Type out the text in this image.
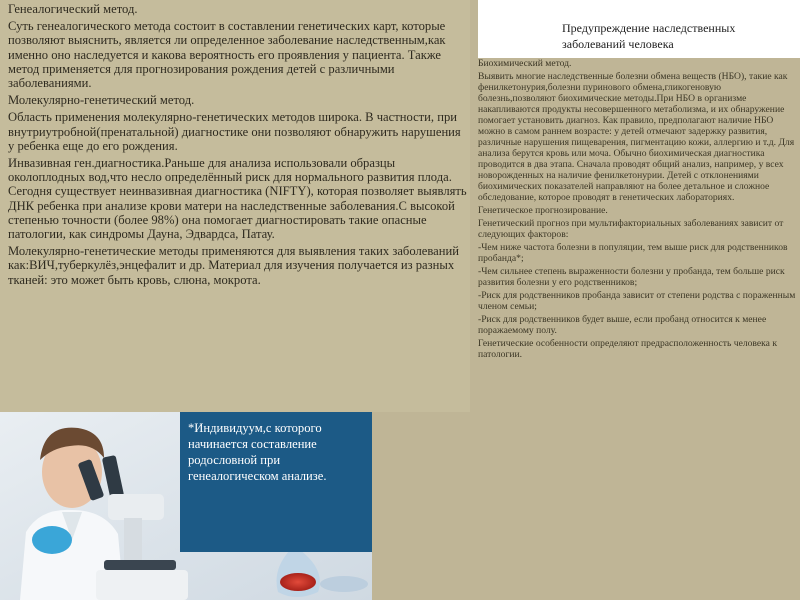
Генеалогический метод.

Суть генеалогического метода состоит в составлении генетических карт, которые позволяют выяснить, является ли определенное заболевание наследственным,как именно оно наследуется и какова вероятность его проявления у пациента. Также метод применяется для прогнозирования рождения детей с различными заболеваниями.

Молекулярно-генетический метод.

Область применения молекулярно-генетических методов широка. В частности, при внутриутробной(пренатальной) диагностике они позволяют обнаружить нарушения у ребенка еще до его рождения.

Инвазивная ген.диагностика.Раньше для анализа использовали образцы околоплодных вод,что несло определённый риск для нормального развития плода. Сегодня существует неинвазивная диагностика (NIFTY), которая позволяет выявлять ДНК ребенка при анализе крови матери на наследственные заболевания.С высокой степенью точности (более 98%) она помогает диагностировать такие опасные патологии, как синдромы Дауна, Эдвардса, Патау.

Молекулярно-генетические методы применяются для выявления таких заболеваний как:ВИЧ,туберкулёз,энцефалит и др. Материал для изучения получается из разных тканей: это может быть кровь, слюна, мокрота.

Предупреждение наследственных заболеваний человека

Биохимический метод.

Выявить многие наследственные болезни обмена веществ (НБО), такие как фенилкетонурия,болезни пуринового обмена,гликогеновую болезнь,позволяют биохимические методы.При НБО в организме накапливаются продукты несовершенного метаболизма, и их обнаружение помогает установить диагноз. Как правило, предполагают наличие НБО можно в самом раннем возрасте: у детей отмечают задержку развития, различные нарушения пищеварения, пигментацию кожи, аллергию и т.д. Для анализа берутся кровь или моча. Обычно биохимическая диагностика проводится в два этапа. Сначала проводят общий анализ, например, у всех новорожденных на наличие фенилкетонурии. Детей с отклонениями биохимических показателей направляют на более детальное и сложное обследование, которое проводят в генетических лабораториях.

Генетическое прогнозирование.

Генетический прогноз при мультифакториальных заболеваниях зависит от следующих факторов:

-Чем ниже частота болезни в популяции, тем выше риск для родственников пробанда*;

-Чем сильнее степень выраженности болезни у пробанда, тем больше риск развития болезни у его родственников;

-Риск для родственников пробанда зависит от степени родства с пораженным членом семьи;

-Риск для родственников будет выше, если пробанд относится к менее поражаемому полу.

Генетические особенности определяют предрасположенность человека к патологии.

*Индивидуум,с которого начинается составление родословной при генеалогическом анализе.
